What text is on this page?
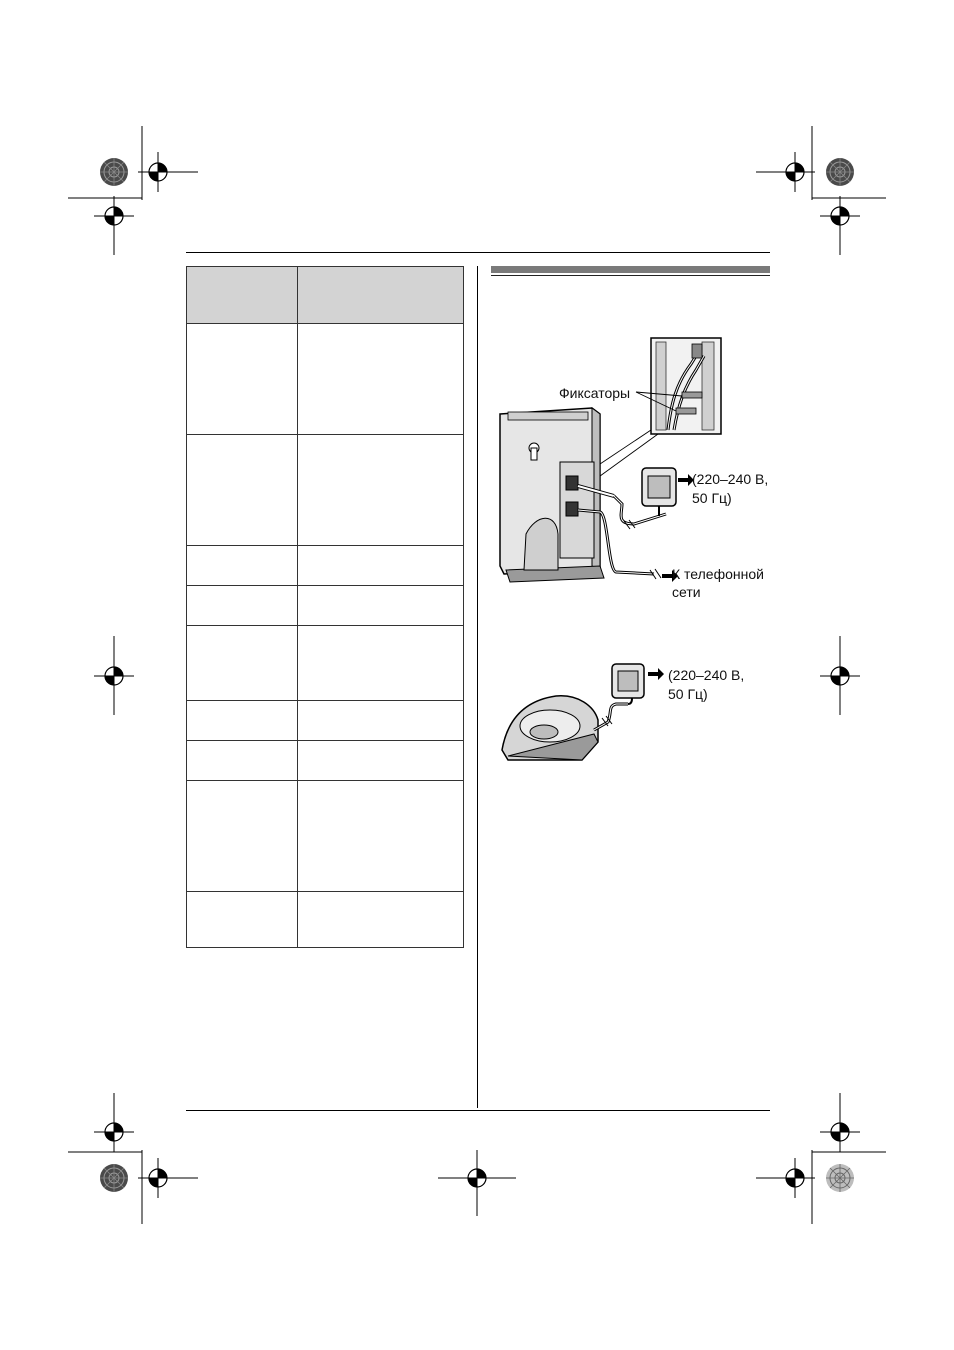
Фиксаторы
(220–240 В,
50 Гц)
К телефонной
сети
(220–240 В,
50 Гц)
